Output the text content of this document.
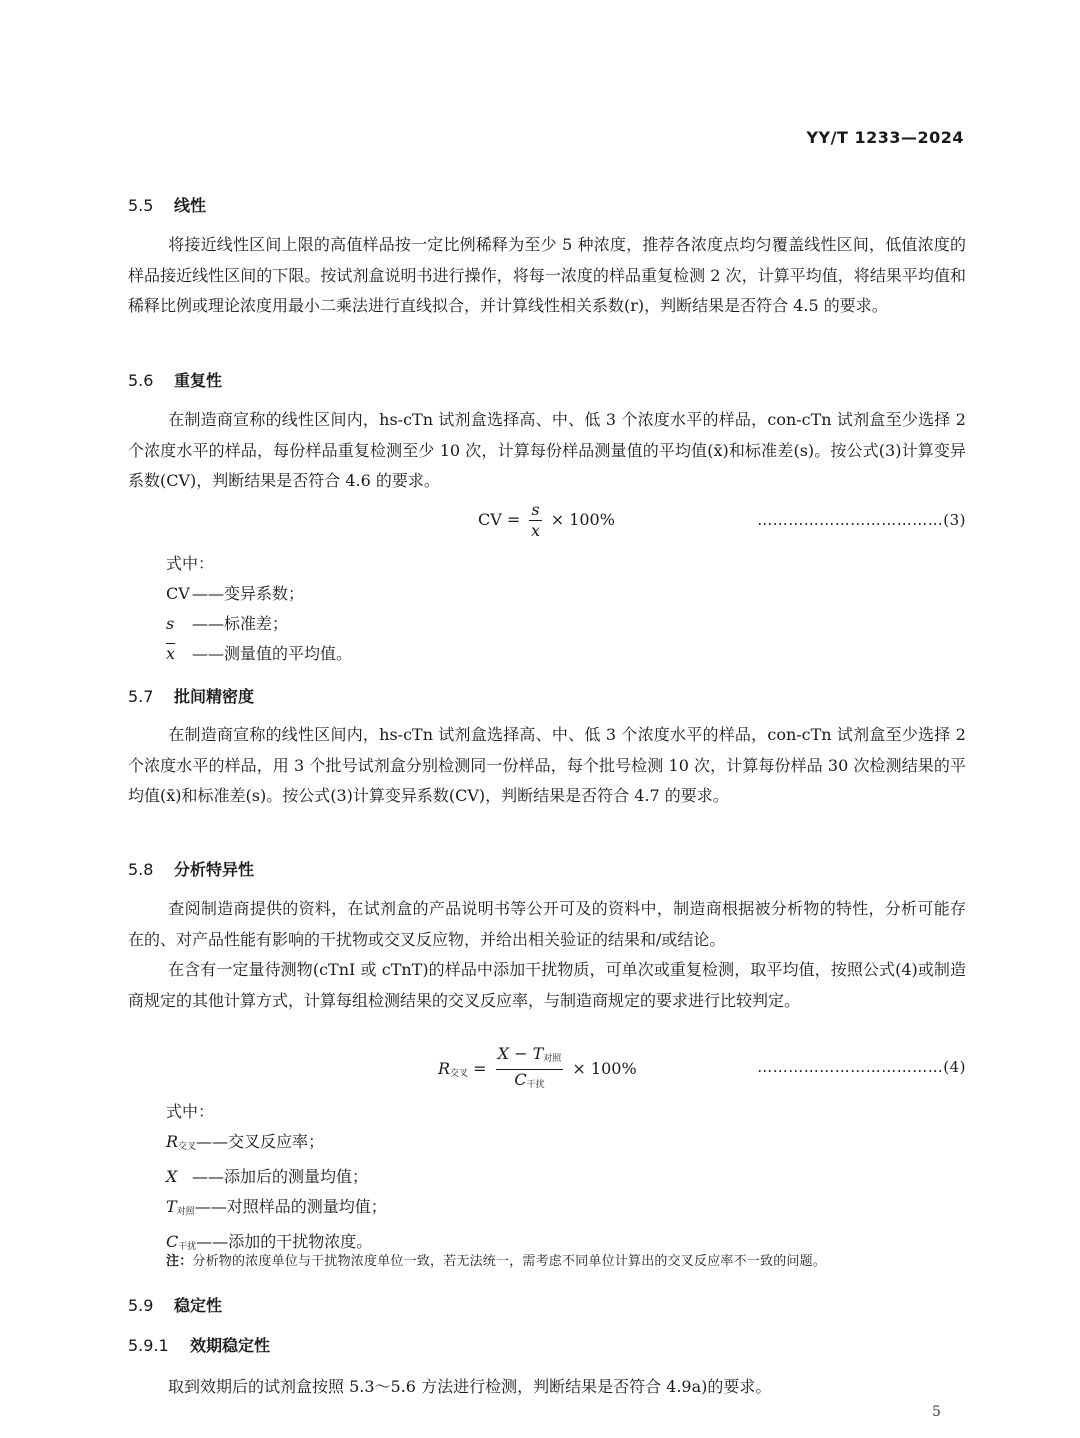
YY/T 1233—2024
5.5 线性
将接近线性区间上限的高值样品按一定比例稀释为至少 5 种浓度，推荐各浓度点均匀覆盖线性区间，低值浓度的样品接近线性区间的下限。按试剂盒说明书进行操作，将每一浓度的样品重复检测 2 次，计算平均值，将结果平均值和稀释比例或理论浓度用最小二乘法进行直线拟合，并计算线性相关系数(r)，判断结果是否符合 4.5 的要求。
5.6 重复性
在制造商宣称的线性区间内，hs-cTn 试剂盒选择高、中、低 3 个浓度水平的样品，con-cTn 试剂盒至少选择 2 个浓度水平的样品，每份样品重复检测至少 10 次，计算每份样品测量值的平均值(x̄)和标准差(s)。按公式(3)计算变异系数(CV)，判断结果是否符合 4.6 的要求。
CV = $\frac{s}{x} \times 100\%$	………………………………(3)
式中：
CV ——变异系数；
s ——标准差；
$\overline{x}$ ——测量值的平均值。
5.7 批间精密度
在制造商宣称的线性区间内，hs-cTn 试剂盒选择高、中、低 3 个浓度水平的样品，con-cTn 试剂盒至少选择 2 个浓度水平的样品，用 3 个批号试剂盒分别检测同一份样品，每个批号检测 10 次，计算每份样品 30 次检测结果的平均值(x̄)和标准差(s)。按公式(3)计算变异系数(CV)，判断结果是否符合 4.7 的要求。
5.8 分析特异性
查阅制造商提供的资料，在试剂盒的产品说明书等公开可及的资料中，制造商根据被分析物的特性，分析可能存在的、对产品性能有影响的干扰物或交叉反应物，并给出相关验证的结果和/或结论。
在含有一定量待测物(cTnI 或 cTnT)的样品中添加干扰物质，可单次或重复检测，取平均值，按照公式(4)或制造商规定的其他计算方式，计算每组检测结果的交叉反应率，与制造商规定的要求进行比较判定。
$R_{交叉} = \frac{X - T_{对照}}{C_{干扰}} \times 100\%$	………………………………(4)
式中：
$R_{交叉}——$交叉反应率；
X ——添加后的测量均值；
$T_{对照}——$对照样品的测量均值；
$C_{干扰}——$添加的干扰物浓度。
注：分析物的浓度单位与干扰物浓度单位一致，若无法统一，需考虑不同单位计算出的交叉反应率不一致的问题。
5.9 稳定性
5.9.1 效期稳定性
取到效期后的试剂盒按照 5.3～5.6 方法进行检测，判断结果是否符合 4.9a)的要求。
5
